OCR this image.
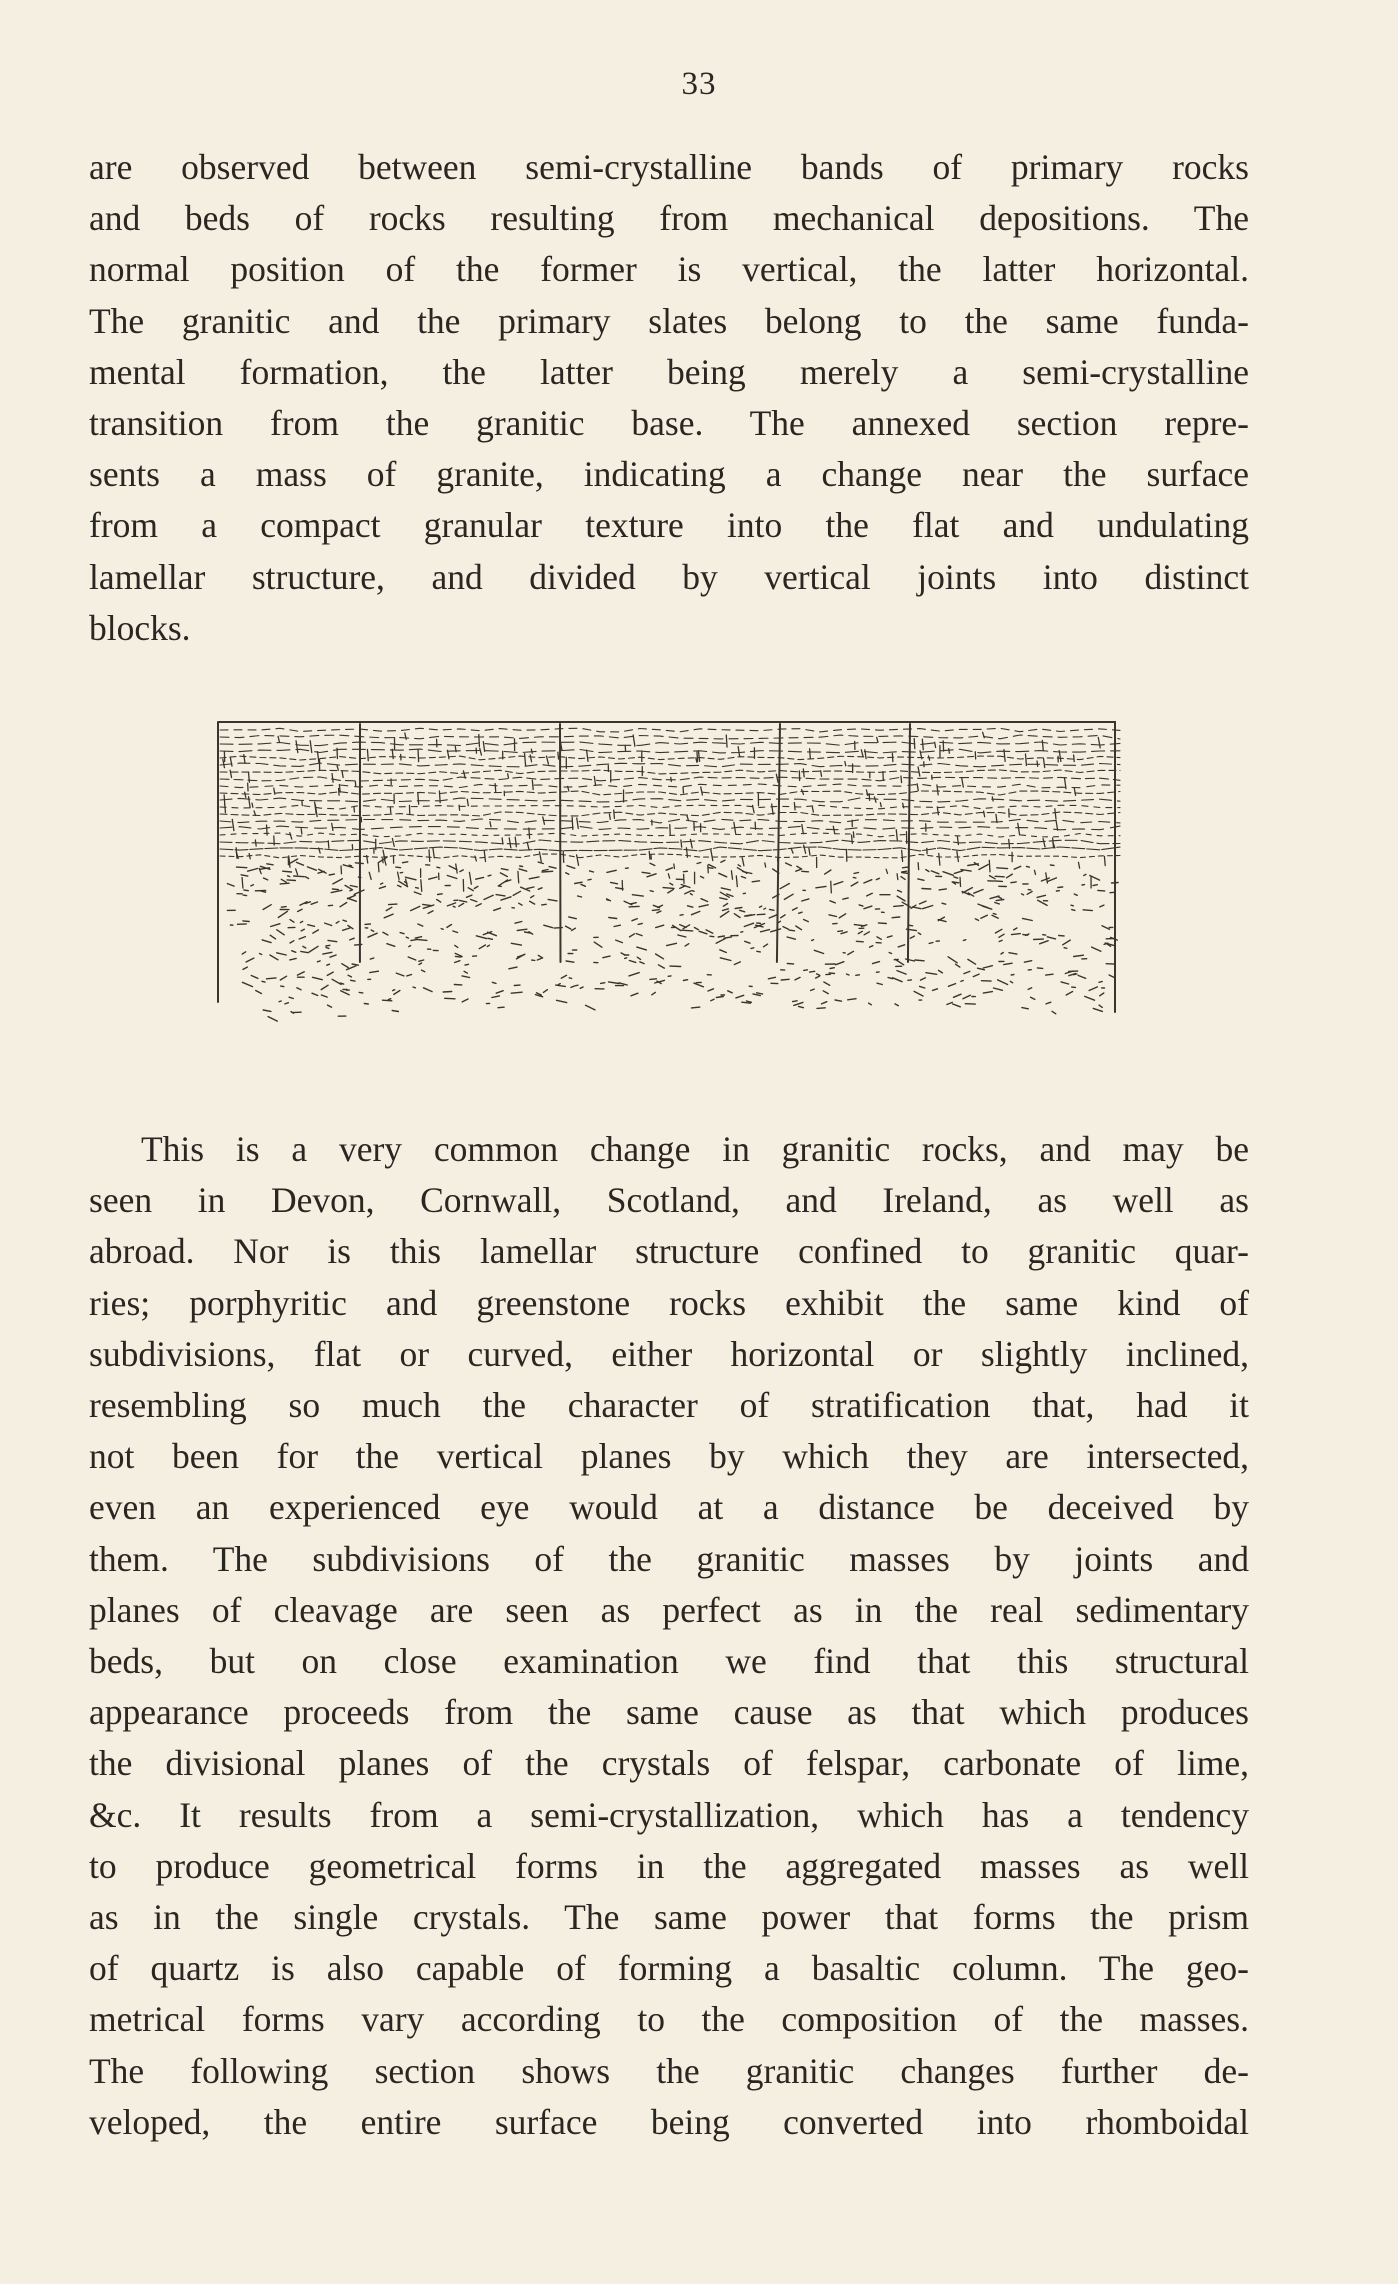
33
are observed between semi-crystalline bands of primary rocks
and beds of rocks resulting from mechanical depositions. The
normal position of the former is vertical, the latter horizontal.
The granitic and the primary slates belong to the same funda-
mental formation, the latter being merely a semi-crystalline
transition from the granitic base. The annexed section repre-
sents a mass of granite, indicating a change near the surface
from a compact granular texture into the flat and undulating
lamellar structure, and divided by vertical joints into distinct
blocks.
This is a very common change in granitic rocks, and may be
seen in Devon, Cornwall, Scotland, and Ireland, as well as
abroad. Nor is this lamellar structure confined to granitic quar-
ries; porphyritic and greenstone rocks exhibit the same kind of
subdivisions, flat or curved, either horizontal or slightly inclined,
resembling so much the character of stratification that, had it
not been for the vertical planes by which they are intersected,
even an experienced eye would at a distance be deceived by
them. The subdivisions of the granitic masses by joints and
planes of cleavage are seen as perfect as in the real sedimentary
beds, but on close examination we find that this structural
appearance proceeds from the same cause as that which produces
the divisional planes of the crystals of felspar, carbonate of lime,
&c. It results from a semi-crystallization, which has a tendency
to produce geometrical forms in the aggregated masses as well
as in the single crystals. The same power that forms the prism
of quartz is also capable of forming a basaltic column. The geo-
metrical forms vary according to the composition of the masses.
The following section shows the granitic changes further de-
veloped, the entire surface being converted into rhomboidal
